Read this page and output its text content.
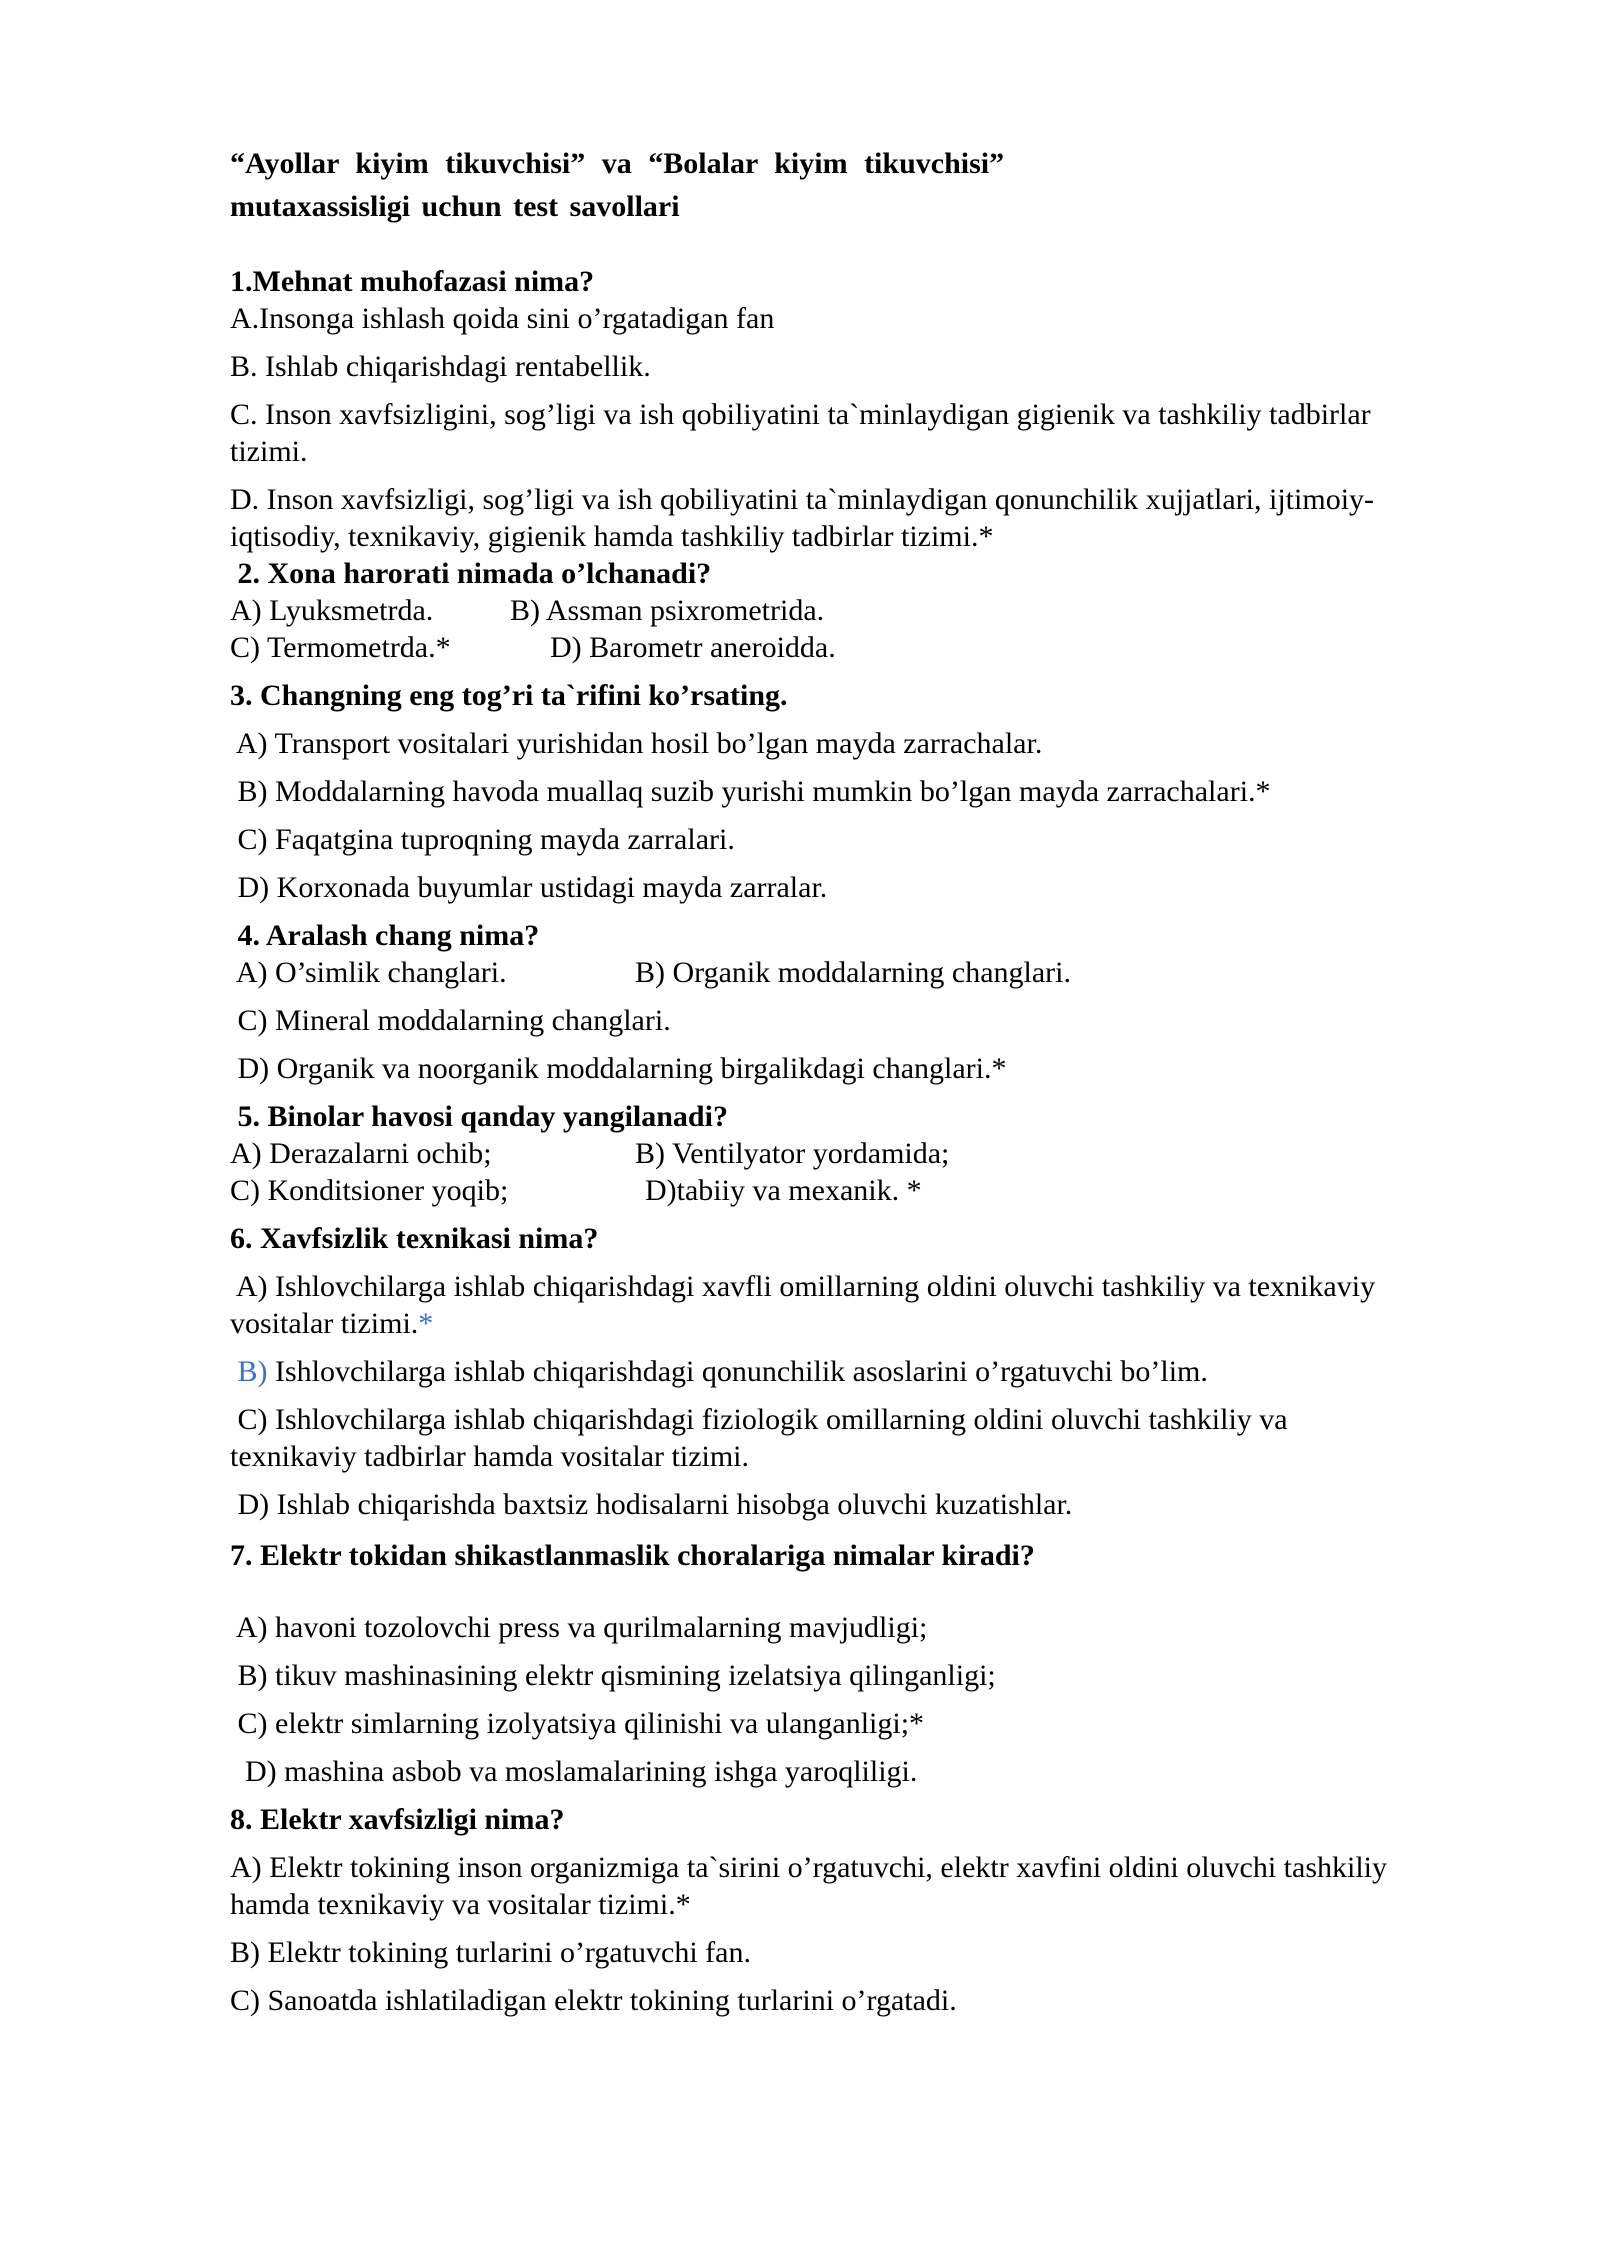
“Ayollar kiyim tikuvchisi” va “Bolalar kiyim tikuvchisi”
mutaxassisligi uchun test savollari
1.Mehnat muhofazasi nima?
A.Insonga ishlash qoida sini o’rgatadigan fan
B. Ishlab chiqarishdagi rentabellik.
C. Inson xavfsizligini, sog’ligi va ish qobiliyatini ta`minlaydigan gigienik va tashkiliy tadbirlar
tizimi.
D. Inson xavfsizligi, sog’ligi va ish qobiliyatini ta`minlaydigan qonunchilik xujjatlari, ijtimoiy-
iqtisodiy, texnikaviy, gigienik hamda tashkiliy tadbirlar tizimi.*
2. Xona harorati nimada o’lchanadi?
A) Lyuksmetrda.	B) Assman psixrometrida.
C) Termometrda.*	D) Barometr aneroidda.
3. Changning eng tog’ri ta`rifini ko’rsating.
A) Transport vositalari yurishidan hosil bo’lgan mayda zarrachalar.
B) Moddalarning havoda muallaq suzib yurishi mumkin bo’lgan mayda zarrachalari.*
C) Faqatgina tuproqning mayda zarralari.
D) Korxonada buyumlar ustidagi mayda zarralar.
4. Aralash chang nima?
A) O’simlik changlari.	B) Organik moddalarning changlari.
C) Mineral moddalarning changlari.
D) Organik va noorganik moddalarning birgalikdagi changlari.*
5. Binolar havosi qanday yangilanadi?
A) Derazalarni ochib;	B) Ventilyator yordamida;
C) Konditsioner yoqib;	D)tabiiy va mexanik. *
6. Xavfsizlik texnikasi nima?
A) Ishlovchilarga ishlab chiqarishdagi xavfli omillarning oldini oluvchi tashkiliy va texnikaviy
vositalar tizimi.*
B) Ishlovchilarga ishlab chiqarishdagi qonunchilik asoslarini o’rgatuvchi bo’lim.
C) Ishlovchilarga ishlab chiqarishdagi fiziologik omillarning oldini oluvchi tashkiliy va
texnikaviy tadbirlar hamda vositalar tizimi.
D) Ishlab chiqarishda baxtsiz hodisalarni hisobga oluvchi kuzatishlar.
7. Elektr tokidan shikastlanmaslik choralariga nimalar kiradi?
A) havoni tozolovchi press va qurilmalarning mavjudligi;
B) tikuv mashinasining elektr qismining izelatsiya qilinganligi;
C) elektr simlarning izolyatsiya qilinishi va ulanganligi;*
D) mashina asbob va moslamalarining ishga yaroqliligi.
8. Elektr xavfsizligi nima?
A) Elektr tokining inson organizmiga ta`sirini o’rgatuvchi, elektr xavfini oldini oluvchi tashkiliy
hamda texnikaviy va vositalar tizimi.*
B) Elektr tokining turlarini o’rgatuvchi fan.
C) Sanoatda ishlatiladigan elektr tokining turlarini o’rgatadi.
